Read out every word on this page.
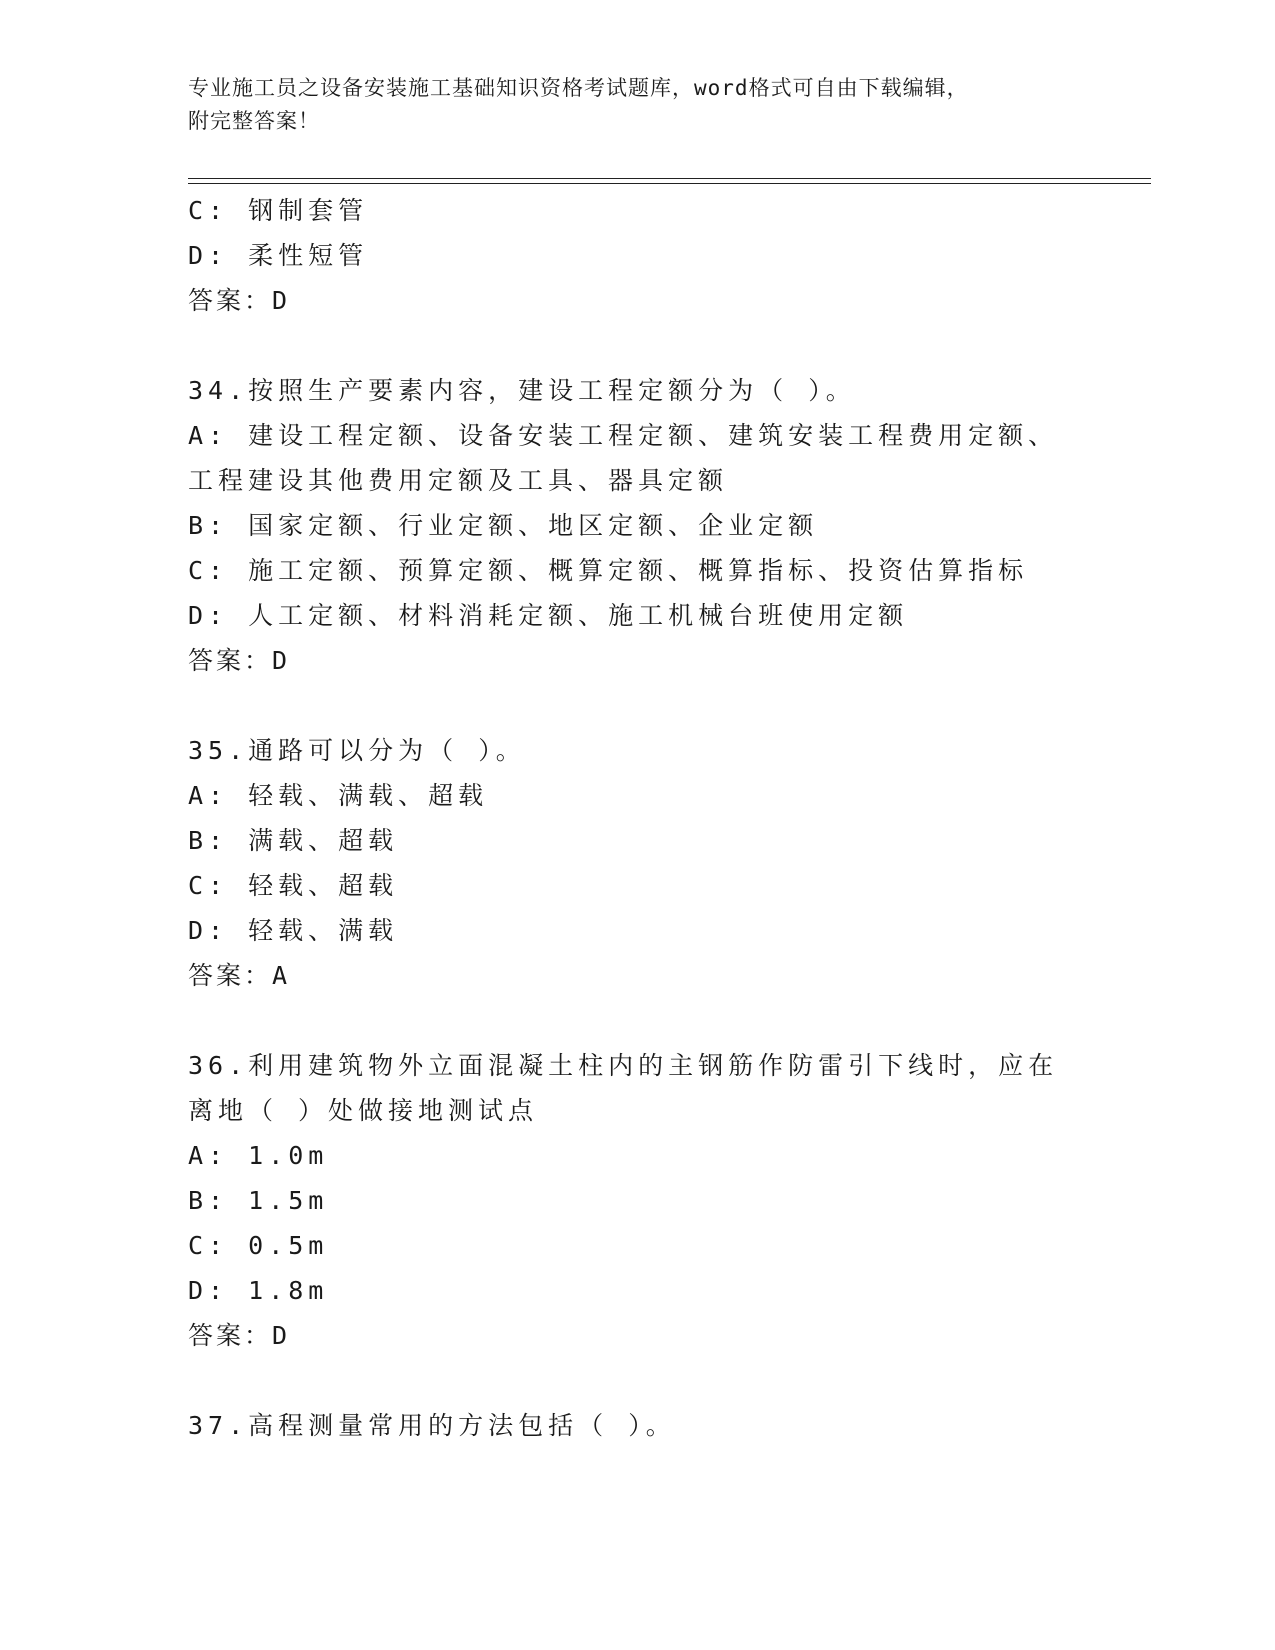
专业施工员之设备安装施工基础知识资格考试题库，word格式可自由下载编辑，
附完整答案！
C: 钢制套管
D: 柔性短管
答案：D
34.按照生产要素内容，建设工程定额分为（ ）。
A: 建设工程定额、设备安装工程定额、建筑安装工程费用定额、工程建设其他费用定额及工具、器具定额
B: 国家定额、行业定额、地区定额、企业定额
C: 施工定额、预算定额、概算定额、概算指标、投资估算指标
D: 人工定额、材料消耗定额、施工机械台班使用定额
答案：D
35.通路可以分为（ ）。
A: 轻载、满载、超载
B: 满载、超载
C: 轻载、超载
D: 轻载、满载
答案：A
36.利用建筑物外立面混凝土柱内的主钢筋作防雷引下线时，应在离地（ ）处做接地测试点
A: 1.0m
B: 1.5m
C: 0.5m
D: 1.8m
答案：D
37.高程测量常用的方法包括（ ）。
